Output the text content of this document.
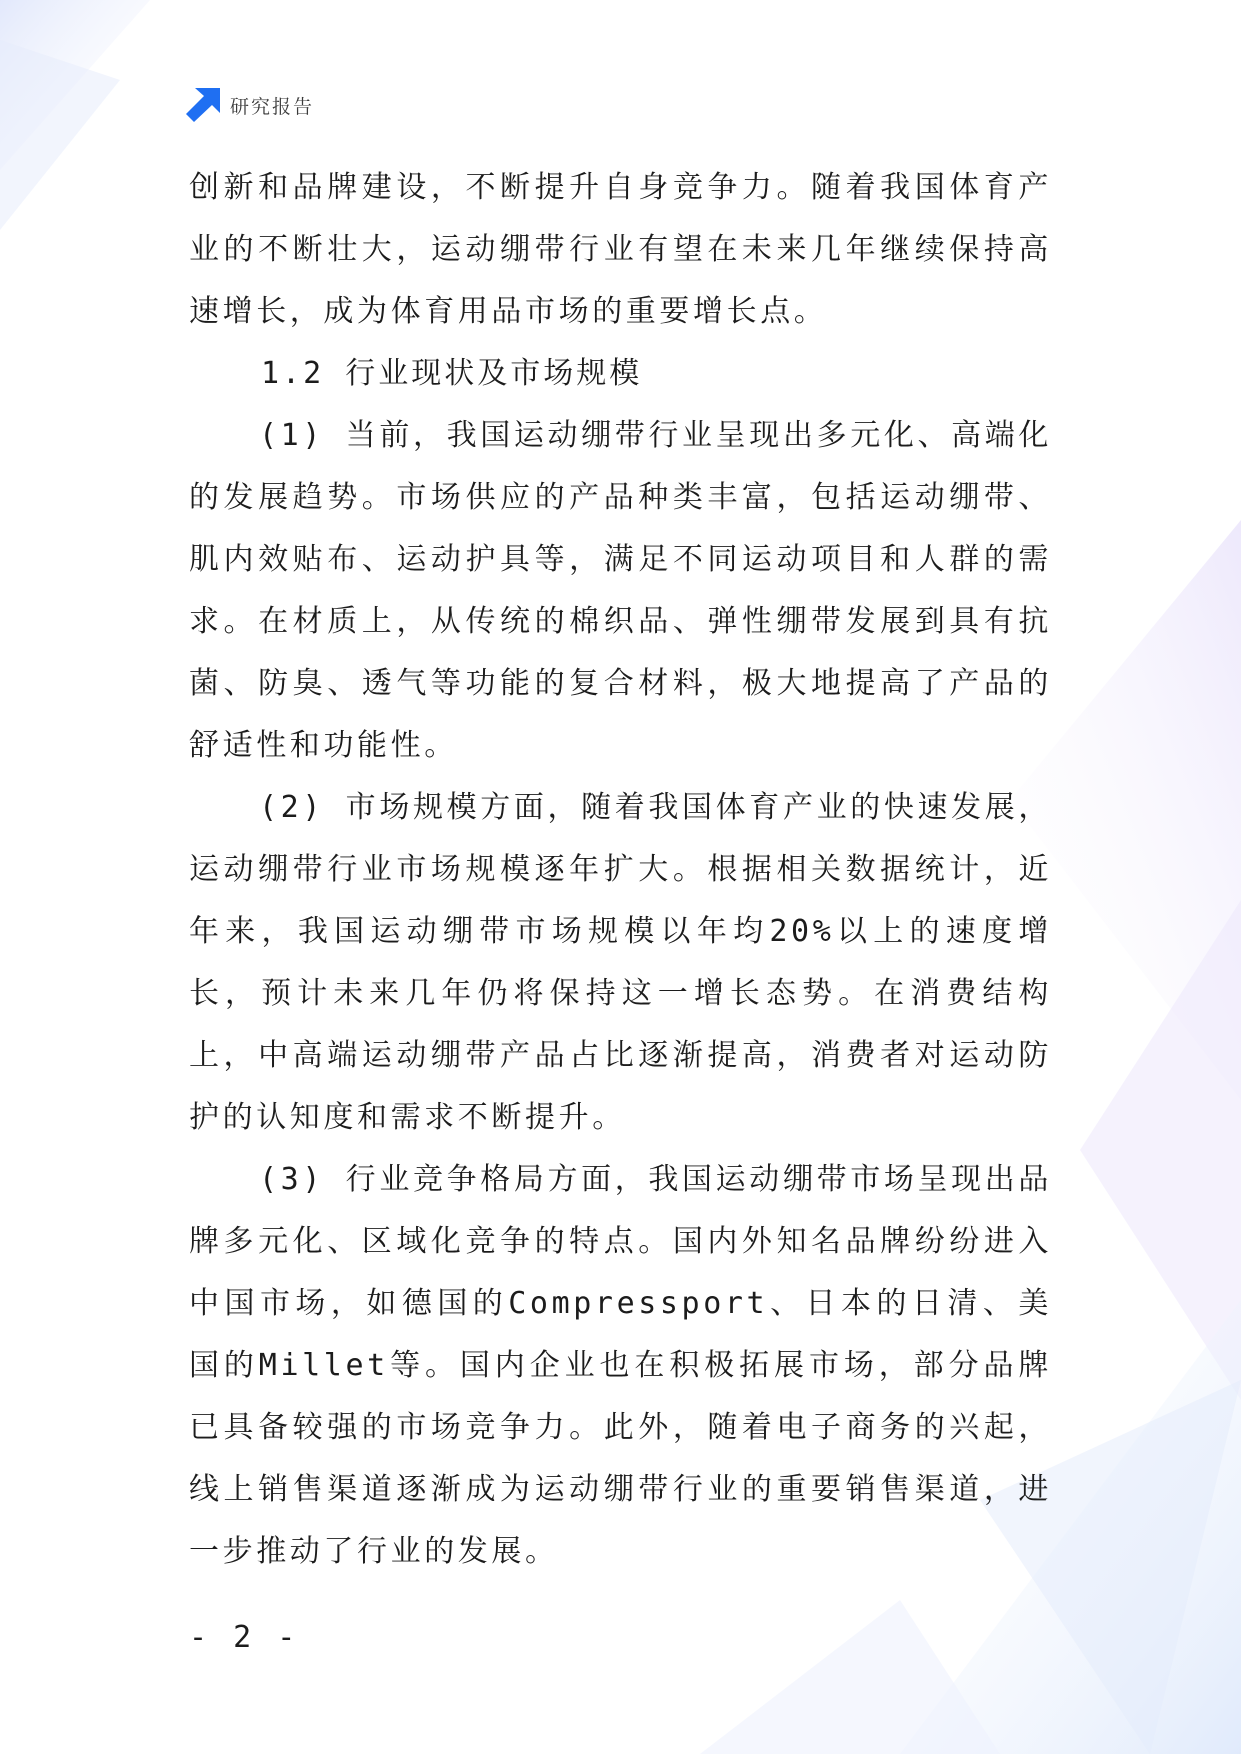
研究报告

创新和品牌建设，不断提升自身竞争力。随着我国体育产业的不断壮大，运动绷带行业有望在未来几年继续保持高速增长，成为体育用品市场的重要增长点。

1.2 行业现状及市场规模

(1) 当前，我国运动绷带行业呈现出多元化、高端化的发展趋势。市场供应的产品种类丰富，包括运动绷带、肌内效贴布、运动护具等，满足不同运动项目和人群的需求。在材质上，从传统的棉织品、弹性绷带发展到具有抗菌、防臭、透气等功能的复合材料，极大地提高了产品的舒适性和功能性。

(2) 市场规模方面，随着我国体育产业的快速发展，运动绷带行业市场规模逐年扩大。根据相关数据统计，近年来，我国运动绷带市场规模以年均20%以上的速度增长，预计未来几年仍将保持这一增长态势。在消费结构上，中高端运动绷带产品占比逐渐提高，消费者对运动防护的认知度和需求不断提升。

(3) 行业竞争格局方面，我国运动绷带市场呈现出品牌多元化、区域化竞争的特点。国内外知名品牌纷纷进入中国市场，如德国的Compressport、日本的日清、美国的Millet等。国内企业也在积极拓展市场，部分品牌已具备较强的市场竞争力。此外，随着电子商务的兴起，线上销售渠道逐渐成为运动绷带行业的重要销售渠道，进一步推动了行业的发展。

- 2 -
